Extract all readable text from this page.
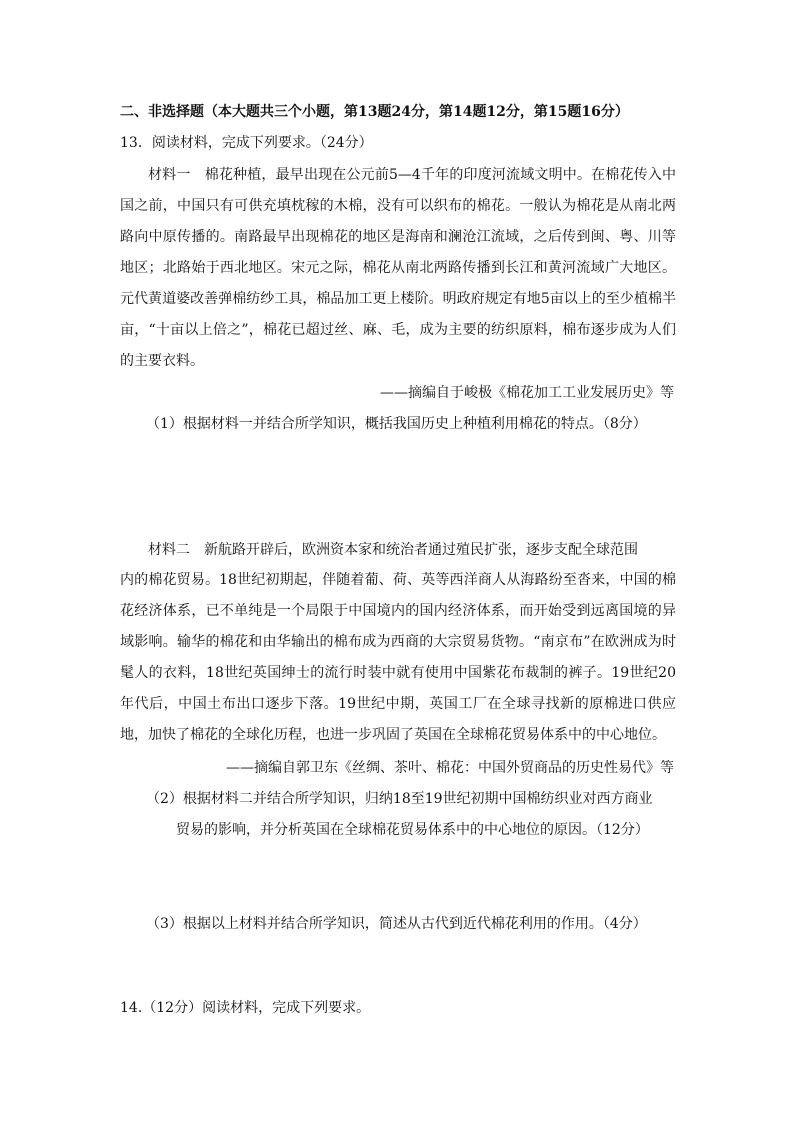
二、非选择题（本大题共三个小题，第13题24分，第14题12分，第15题16分）
13．阅读材料，完成下列要求。（24分）
材料一　棉花种植，最早出现在公元前5—4千年的印度河流域文明中。在棉花传入中国之前，中国只有可供充填枕稼的木棉，没有可以织布的棉花。一般认为棉花是从南北两路向中原传播的。南路最早出现棉花的地区是海南和澜沧江流域，之后传到闽、粤、川等地区；北路始于西北地区。宋元之际，棉花从南北两路传播到长江和黄河流域广大地区。元代黄道婆改善弹棉纺纱工具，棉品加工更上楼阶。明政府规定有地5亩以上的至少植棉半亩，“十亩以上倍之”，棉花已超过丝、麻、毛，成为主要的纺织原料，棉布逐步成为人们的主要衣料。
——摘编自于峻极《棉花加工工业发展历史》等
（1）根据材料一并结合所学知识，概括我国历史上种植利用棉花的特点。（8分）
材料二　新航路开辟后，欧洲资本家和统治者通过殖民扩张，逐步支配全球范围
内的棉花贸易。18世纪初期起，伴随着葡、荷、英等西洋商人从海路纷至沓来，中国的棉花经济体系，已不单纯是一个局限于中国境内的国内经济体系，而开始受到远离国境的异域影响。输华的棉花和由华输出的棉布成为西商的大宗贸易货物。“南京布”在欧洲成为时髦人的衣料，18世纪英国绅士的流行时装中就有使用中国紫花布裁制的裤子。19世纪20年代后，中国土布出口逐步下落。19世纪中期，英国工厂在全球寻找新的原棉进口供应地，加快了棉花的全球化历程，也进一步巩固了英国在全球棉花贸易体系中的中心地位。
——摘编自郭卫东《丝绸、茶叶、棉花：中国外贸商品的历史性易代》等
（2）根据材料二并结合所学知识，归纳18至19世纪初期中国棉纺织业对西方商业
贸易的影响，并分析英国在全球棉花贸易体系中的中心地位的原因。（12分）
（3）根据以上材料并结合所学知识，简述从古代到近代棉花利用的作用。（4分）
14.（12分）阅读材料，完成下列要求。
